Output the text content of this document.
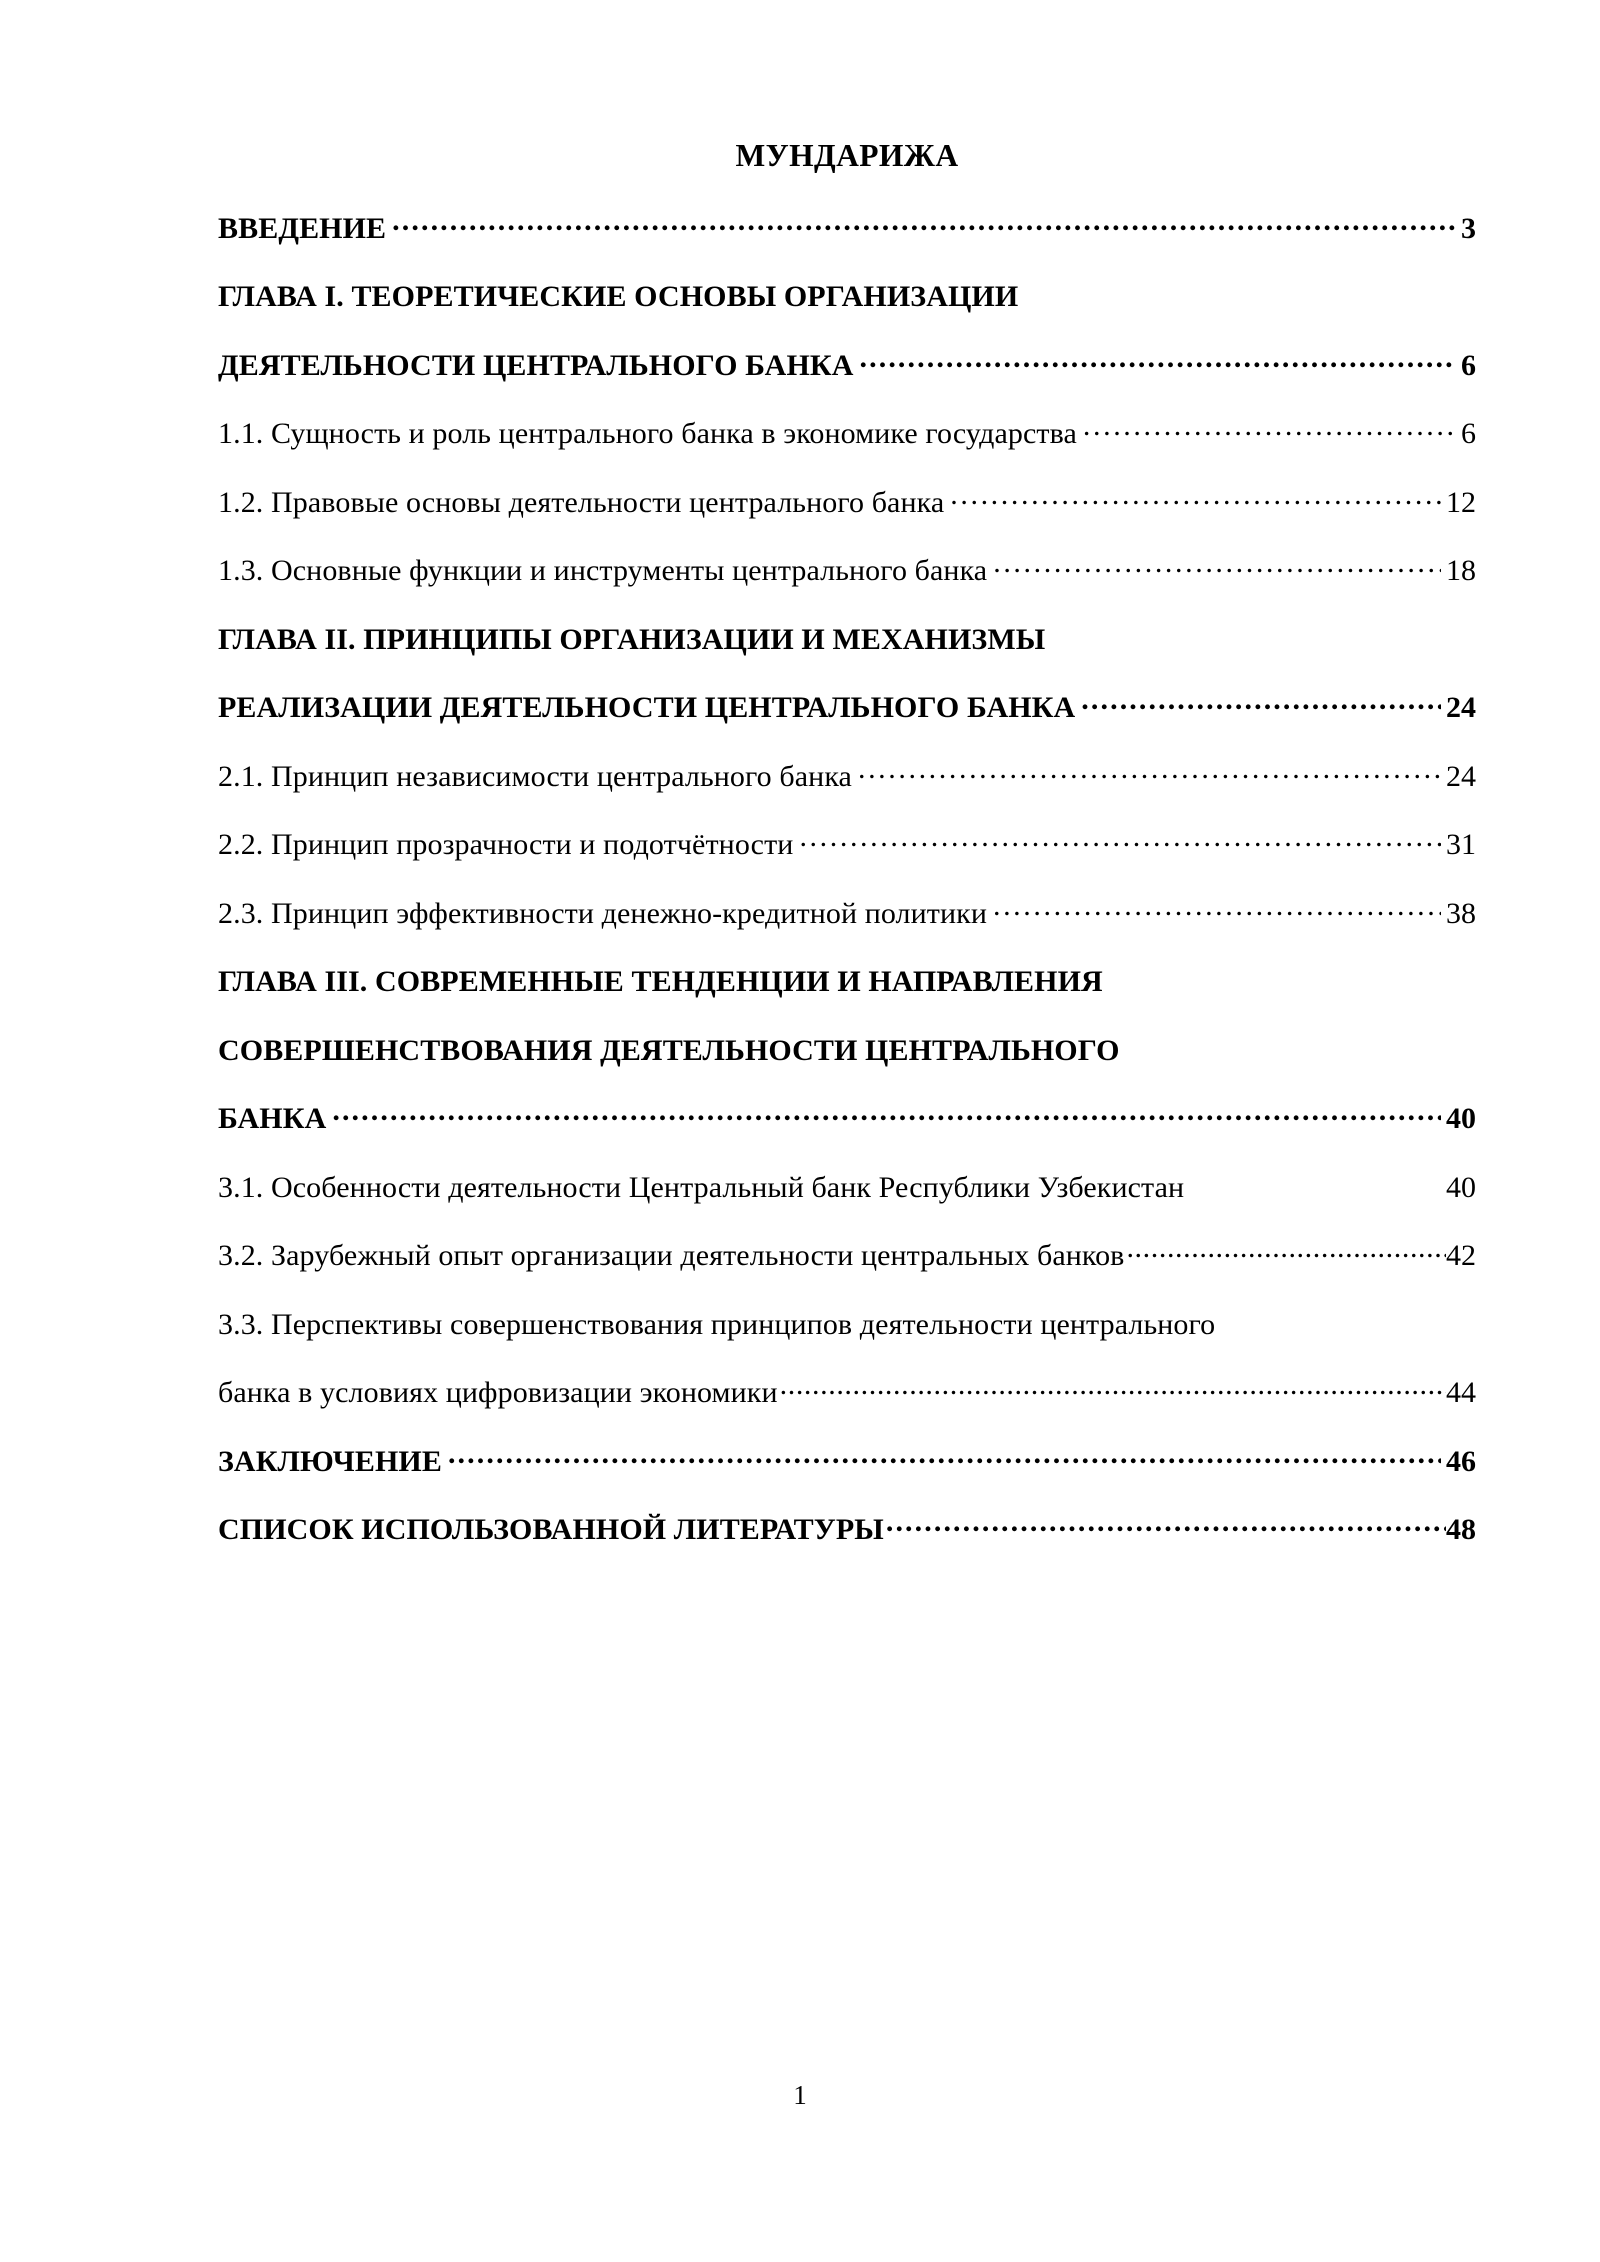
МУНДАРИЖА
ВВЕДЕНИЕ .....	3
ГЛАВА I. ТЕОРЕТИЧЕСКИЕ ОСНОВЫ ОРГАНИЗАЦИИ
ДЕЯТЕЛЬНОСТИ ЦЕНТРАЛЬНОГО БАНКА .....	6
1.1. Сущность и роль центрального банка в экономике государства .....	6
1.2. Правовые основы деятельности центрального банка .....	12
1.3. Основные функции и инструменты центрального банка .....	18
ГЛАВА II. ПРИНЦИПЫ ОРГАНИЗАЦИИ И МЕХАНИЗМЫ
РЕАЛИЗАЦИИ ДЕЯТЕЛЬНОСТИ ЦЕНТРАЛЬНОГО БАНКА .....	24
2.1. Принцип независимости центрального банка .....	24
2.2. Принцип прозрачности и подотчётности .....	31
2.3. Принцип эффективности денежно-кредитной политики .....	38
ГЛАВА III. СОВРЕМЕННЫЕ ТЕНДЕНЦИИ И НАПРАВЛЕНИЯ
СОВЕРШЕНСТВОВАНИЯ ДЕЯТЕЛЬНОСТИ ЦЕНТРАЛЬНОГО
БАНКА .....	40
3.1. Особенности деятельности Центральный банк Республики Узбекистан	40
3.2. Зарубежный опыт организации деятельности центральных банков .....	42
3.3. Перспективы совершенствования принципов деятельности центрального
банка в условиях цифровизации экономики .....	44
ЗАКЛЮЧЕНИЕ .....	46
СПИСОК ИСПОЛЬЗОВАННОЙ ЛИТЕРАТУРЫ .....	48
1
